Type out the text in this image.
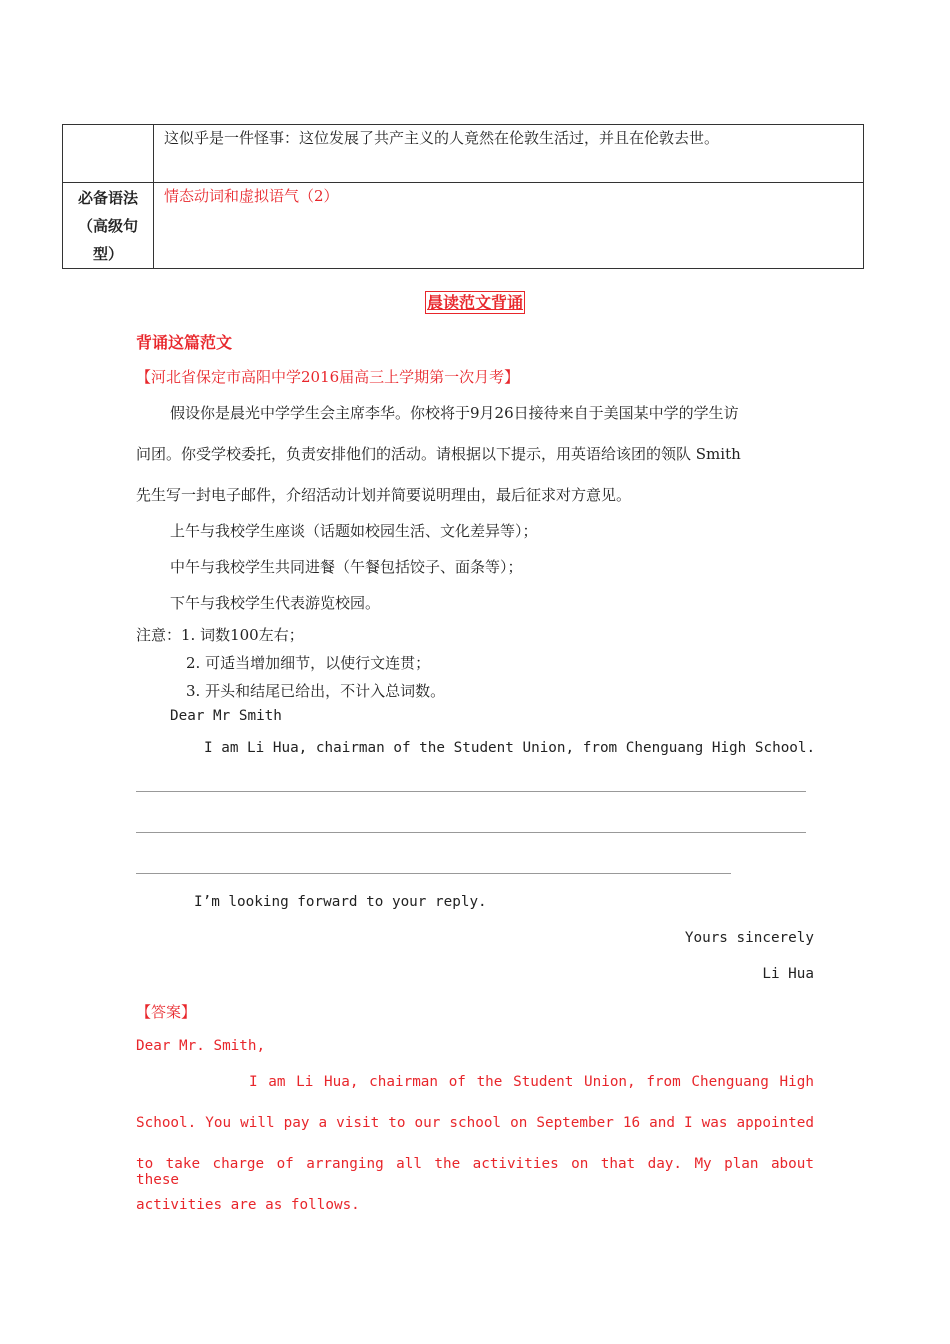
	这似乎是一件怪事：这位发展了共产主义的人竟然在伦敦生活过，并且在伦敦去世。

必备语法
（高级句
型）	情态动词和虚拟语气（2）
晨读范文背诵
背诵这篇范文
【河北省保定市高阳中学2016届高三上学期第一次月考】
假设你是晨光中学学生会主席李华。你校将于9月26日接待来自于美国某中学的学生访
问团。你受学校委托，负责安排他们的活动。请根据以下提示，用英语给该团的领队 Smith
先生写一封电子邮件，介绍活动计划并简要说明理由，最后征求对方意见。
上午与我校学生座谈（话题如校园生活、文化差异等）；
中午与我校学生共同进餐（午餐包括饺子、面条等）；
下午与我校学生代表游览校园。
注意：1. 词数100左右；
2. 可适当增加细节，以使行文连贯；
3. 开头和结尾已给出，不计入总词数。
Dear Mr Smith
I am Li Hua, chairman of the Student Union, from Chenguang High School.
I’m looking forward to your reply.
Yours sincerely
Li Hua
【答案】
Dear Mr. Smith,
I am Li Hua, chairman of the Student Union, from Chenguang High
School. You will pay a visit to our school on September 16 and I was appointed
to take charge of arranging all the activities on that day. My plan about these
activities are as follows.
